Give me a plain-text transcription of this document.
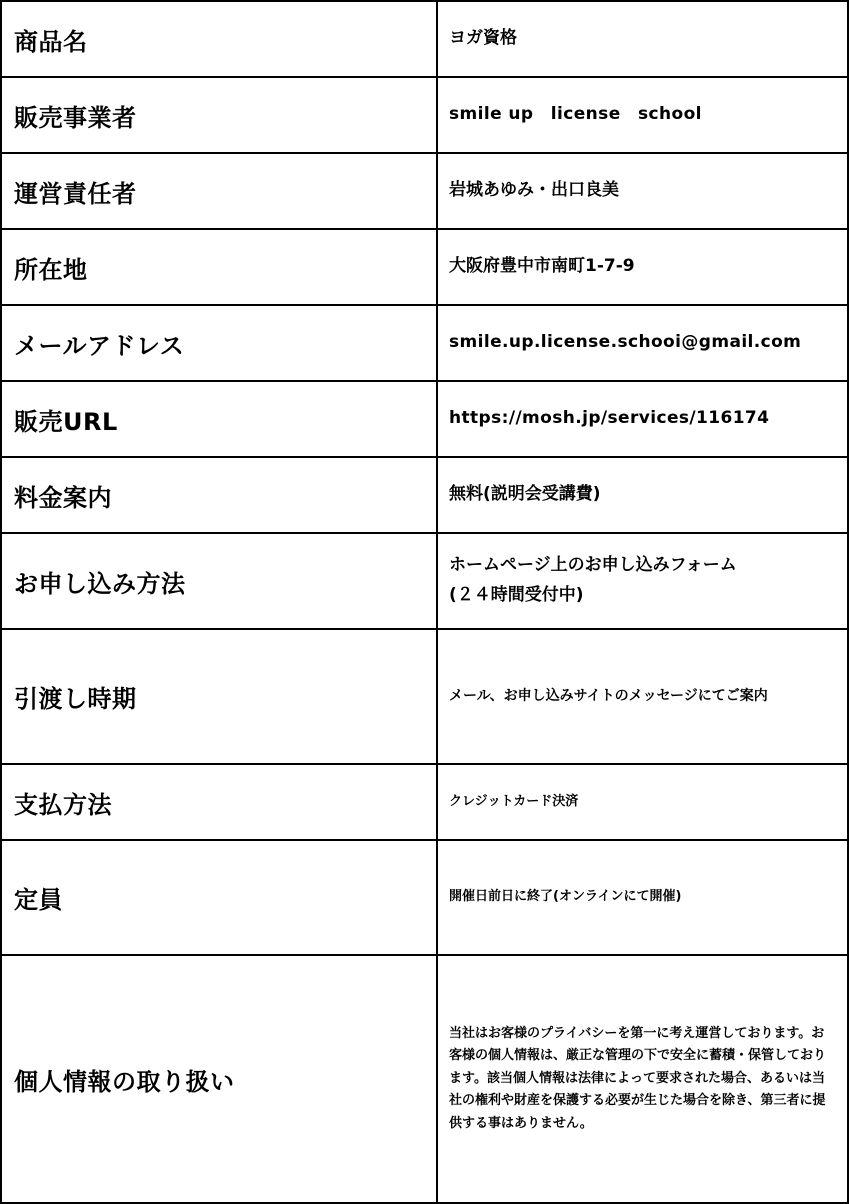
商品名	ヨガ資格
販売事業者	smile up　license　school
運営責任者	岩城あゆみ・出口良美
所在地	大阪府豊中市南町1-7-9
メールアドレス	smile.up.license.schooi@gmail.com
販売URL	https://mosh.jp/services/116174
料金案内	無料(説明会受講費)
お申し込み方法	ホームページ上のお申し込みフォーム
(２４時間受付中)

引渡し時期	メール、お申し込みサイトのメッセージにてご案内
支払方法	クレジットカード決済
定員	開催日前日に終了(オンラインにて開催)
個人情報の取り扱い	当社はお客様のプライバシーを第一に考え運営しております。お客様の個人情報は、厳正な管理の下で安全に蓄積・保管しております。該当個人情報は法律によって要求された場合、あるいは当社の権利や財産を保護する必要が生じた場合を除き、第三者に提供する事はありません。
